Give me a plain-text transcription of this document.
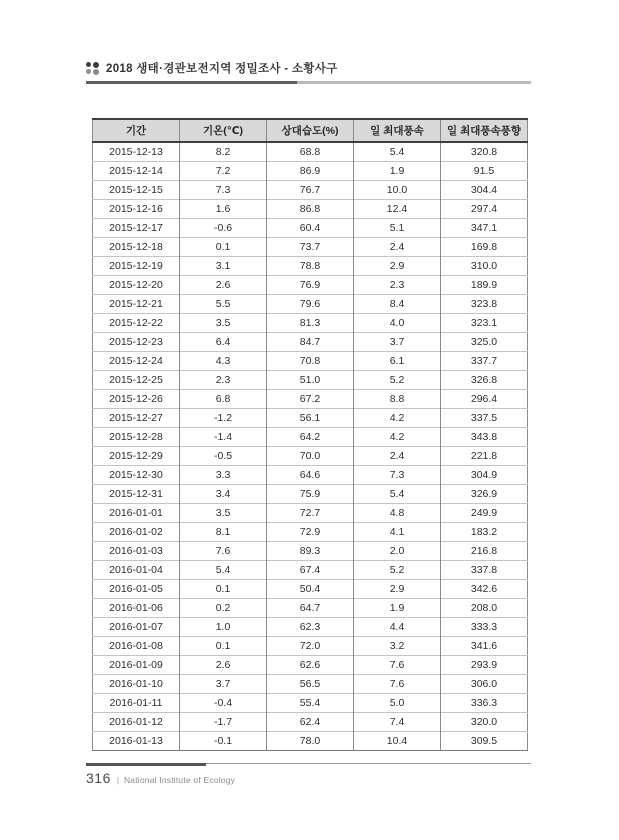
2018 생태·경관보전지역 정밀조사 - 소황사구
기간	기온(℃)	상대습도(%)	일 최대풍속	일 최대풍속풍향
2015-12-13	8.2	68.8	5.4	320.8
2015-12-14	7.2	86.9	1.9	91.5
2015-12-15	7.3	76.7	10.0	304.4
2015-12-16	1.6	86.8	12.4	297.4
2015-12-17	-0.6	60.4	5.1	347.1
2015-12-18	0.1	73.7	2.4	169.8
2015-12-19	3.1	78.8	2.9	310.0
2015-12-20	2.6	76.9	2.3	189.9
2015-12-21	5.5	79.6	8.4	323.8
2015-12-22	3.5	81.3	4.0	323.1
2015-12-23	6.4	84.7	3.7	325.0
2015-12-24	4.3	70.8	6.1	337.7
2015-12-25	2.3	51.0	5.2	326.8
2015-12-26	6.8	67.2	8.8	296.4
2015-12-27	-1.2	56.1	4.2	337.5
2015-12-28	-1.4	64.2	4.2	343.8
2015-12-29	-0.5	70.0	2.4	221.8
2015-12-30	3.3	64.6	7.3	304.9
2015-12-31	3.4	75.9	5.4	326.9
2016-01-01	3.5	72.7	4.8	249.9
2016-01-02	8.1	72.9	4.1	183.2
2016-01-03	7.6	89.3	2.0	216.8
2016-01-04	5.4	67.4	5.2	337.8
2016-01-05	0.1	50.4	2.9	342.6
2016-01-06	0.2	64.7	1.9	208.0
2016-01-07	1.0	62.3	4.4	333.3
2016-01-08	0.1	72.0	3.2	341.6
2016-01-09	2.6	62.6	7.6	293.9
2016-01-10	3.7	56.5	7.6	306.0
2016-01-11	-0.4	55.4	5.0	336.3
2016-01-12	-1.7	62.4	7.4	320.0
2016-01-13	-0.1	78.0	10.4	309.5
316 | National Institute of Ecology
